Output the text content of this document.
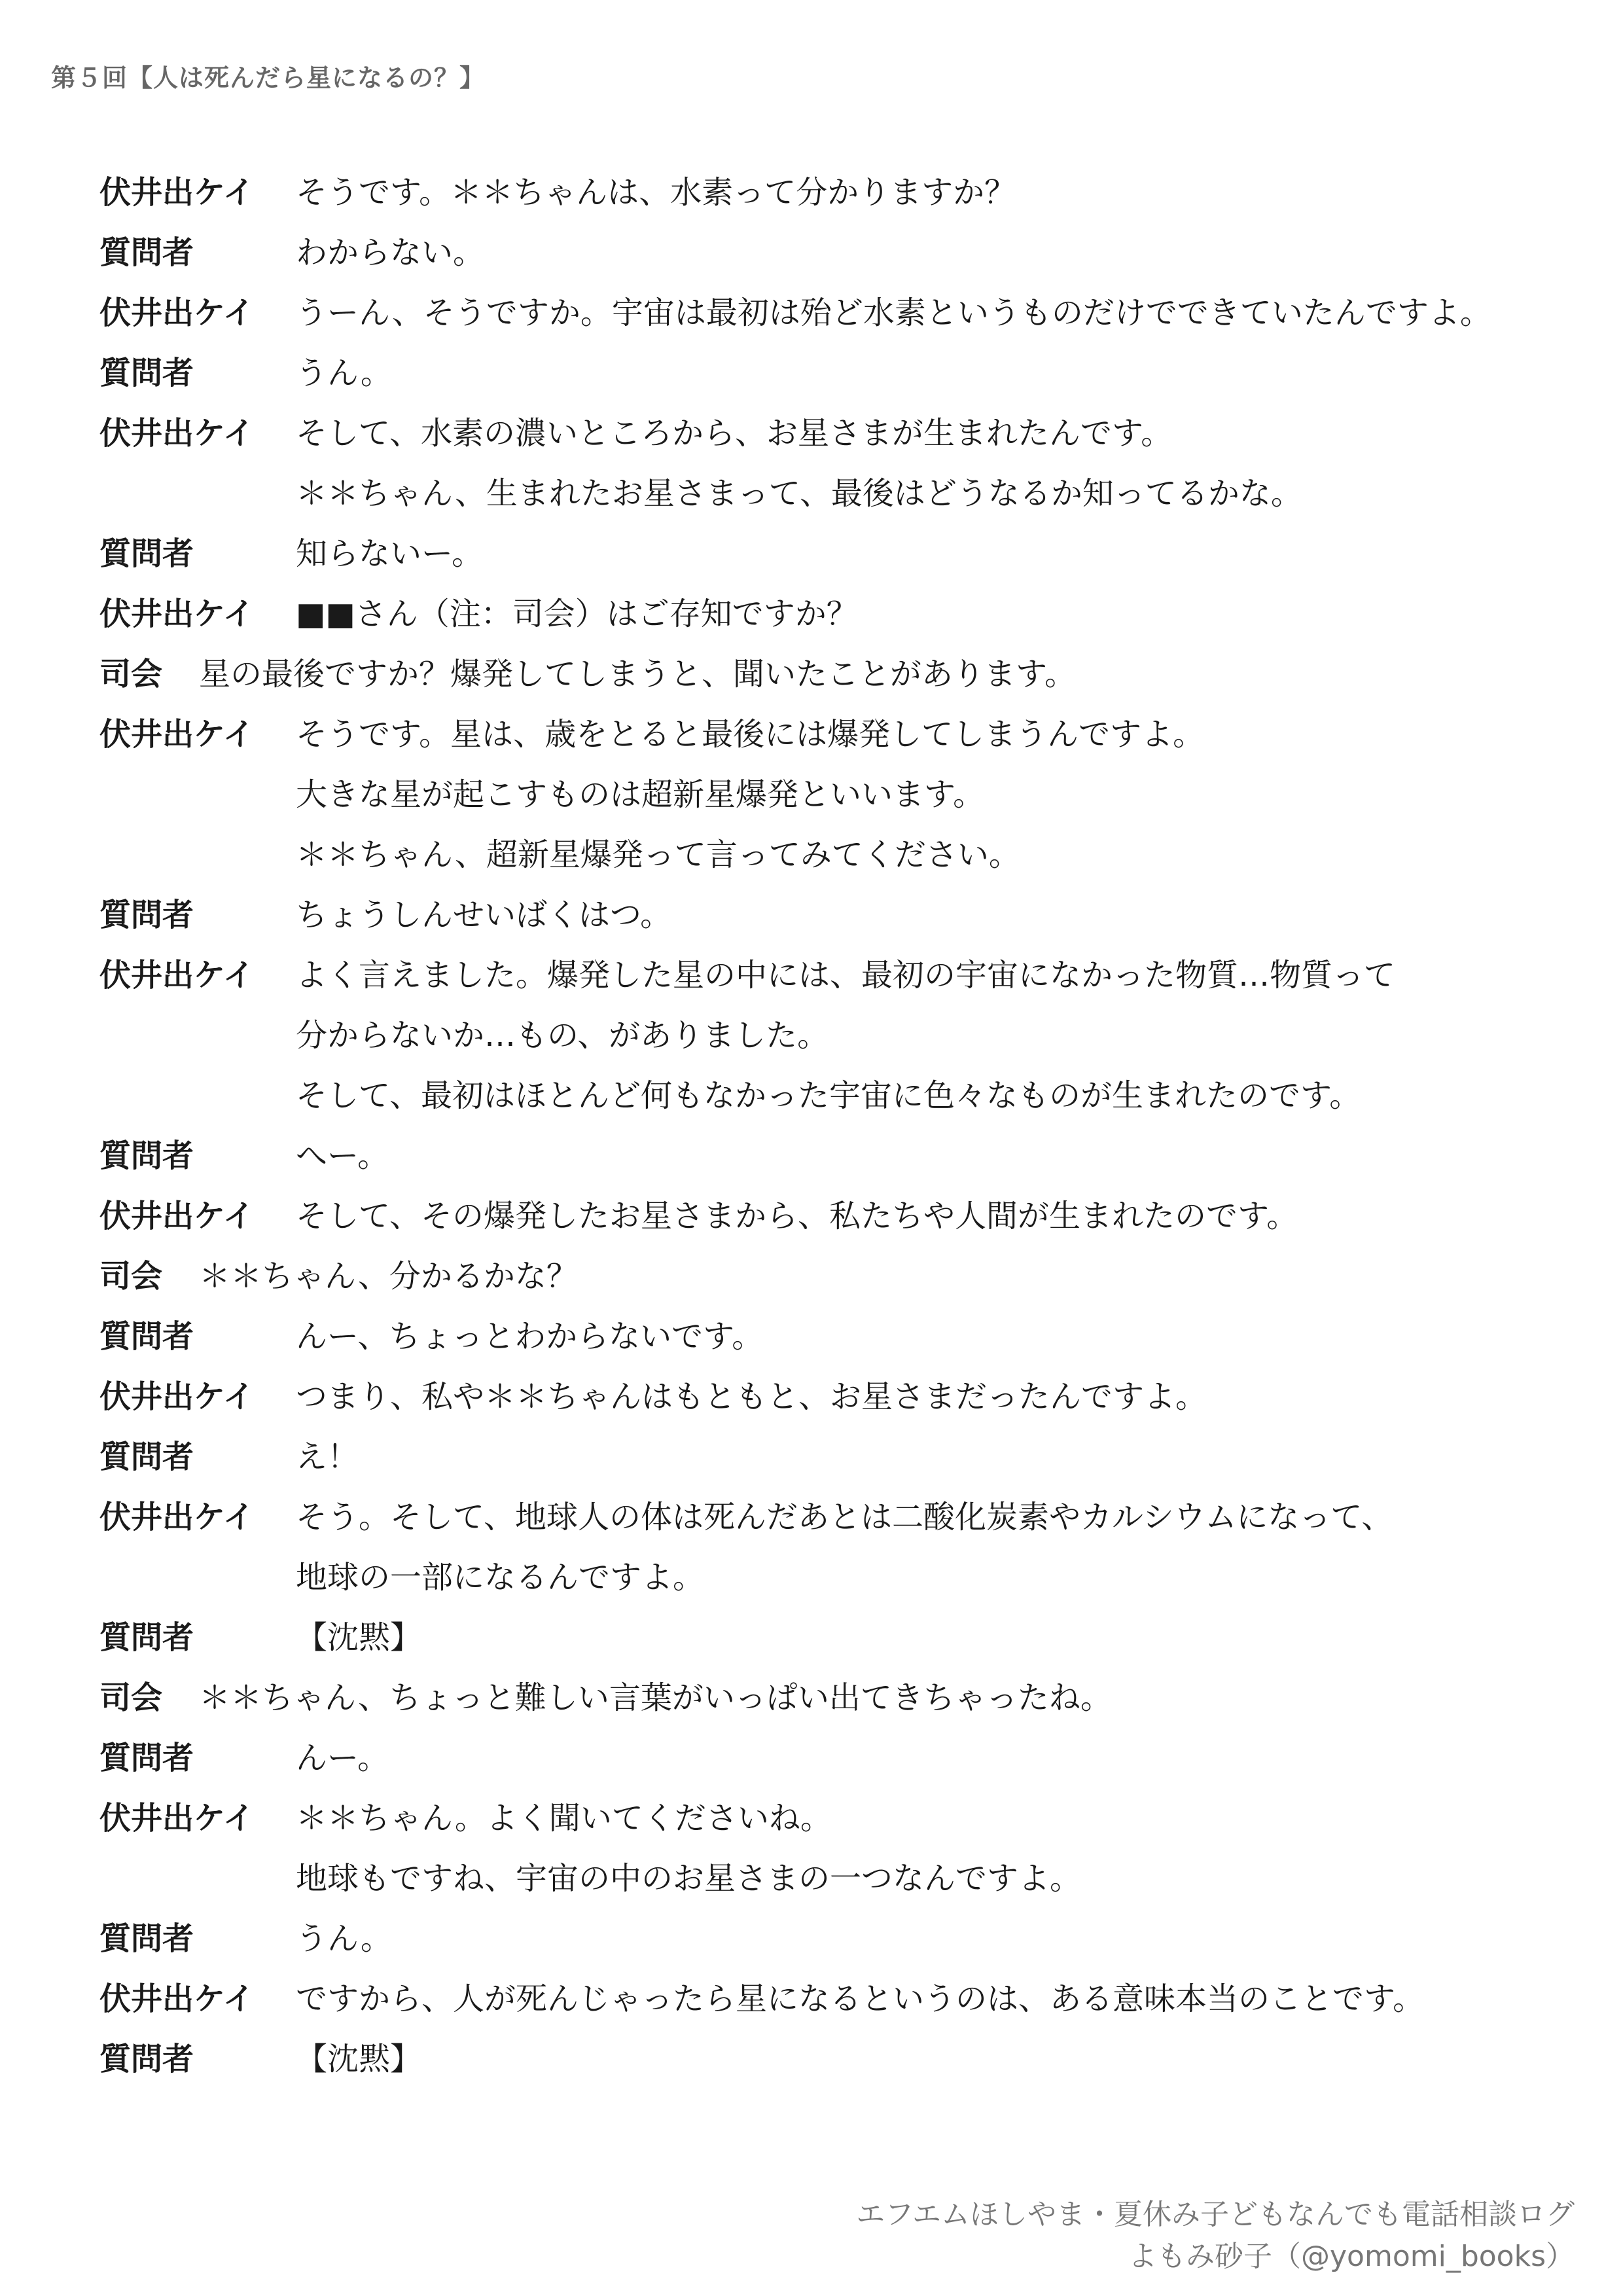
第５回【人は死んだら星になるの？】
伏井出ケイ そうです。＊＊ちゃんは、水素って分かりますか？
質問者	わからない。
伏井出ケイ うーん、そうですか。宇宙は最初は殆ど水素というものだけでできていたんですよ。
質問者	うん。
伏井出ケイ そして、水素の濃いところから、お星さまが生まれたんです。
＊＊ちゃん、生まれたお星さまって、最後はどうなるか知ってるかな。
質問者	知らないー。
伏井出ケイ ■■さん（注：司会）はご存知ですか？
司会 星の最後ですか？爆発してしまうと、聞いたことがあります。
伏井出ケイ そうです。星は、歳をとると最後には爆発してしまうんですよ。
大きな星が起こすものは超新星爆発といいます。
＊＊ちゃん、超新星爆発って言ってみてください。
質問者	ちょうしんせいばくはつ。
伏井出ケイ よく言えました。爆発した星の中には、最初の宇宙になかった物質…物質って
分からないか…もの、がありました。
そして、最初はほとんど何もなかった宇宙に色々なものが生まれたのです。
質問者	へー。
伏井出ケイ そして、その爆発したお星さまから、私たちや人間が生まれたのです。
司会 ＊＊ちゃん、分かるかな？
質問者	んー、ちょっとわからないです。
伏井出ケイ つまり、私や＊＊ちゃんはもともと、お星さまだったんですよ。
質問者	え！
伏井出ケイ そう。そして、地球人の体は死んだあとは二酸化炭素やカルシウムになって、
地球の一部になるんですよ。
質問者	【沈黙】
司会 ＊＊ちゃん、ちょっと難しい言葉がいっぱい出てきちゃったね。
質問者	んー。
伏井出ケイ ＊＊ちゃん。よく聞いてくださいね。
地球もですね、宇宙の中のお星さまの一つなんですよ。
質問者	うん。
伏井出ケイ ですから、人が死んじゃったら星になるというのは、ある意味本当のことです。
質問者	【沈黙】
エフエムほしやま・夏休み子どもなんでも電話相談ログ
よもみ砂子（@yomomi_books）
